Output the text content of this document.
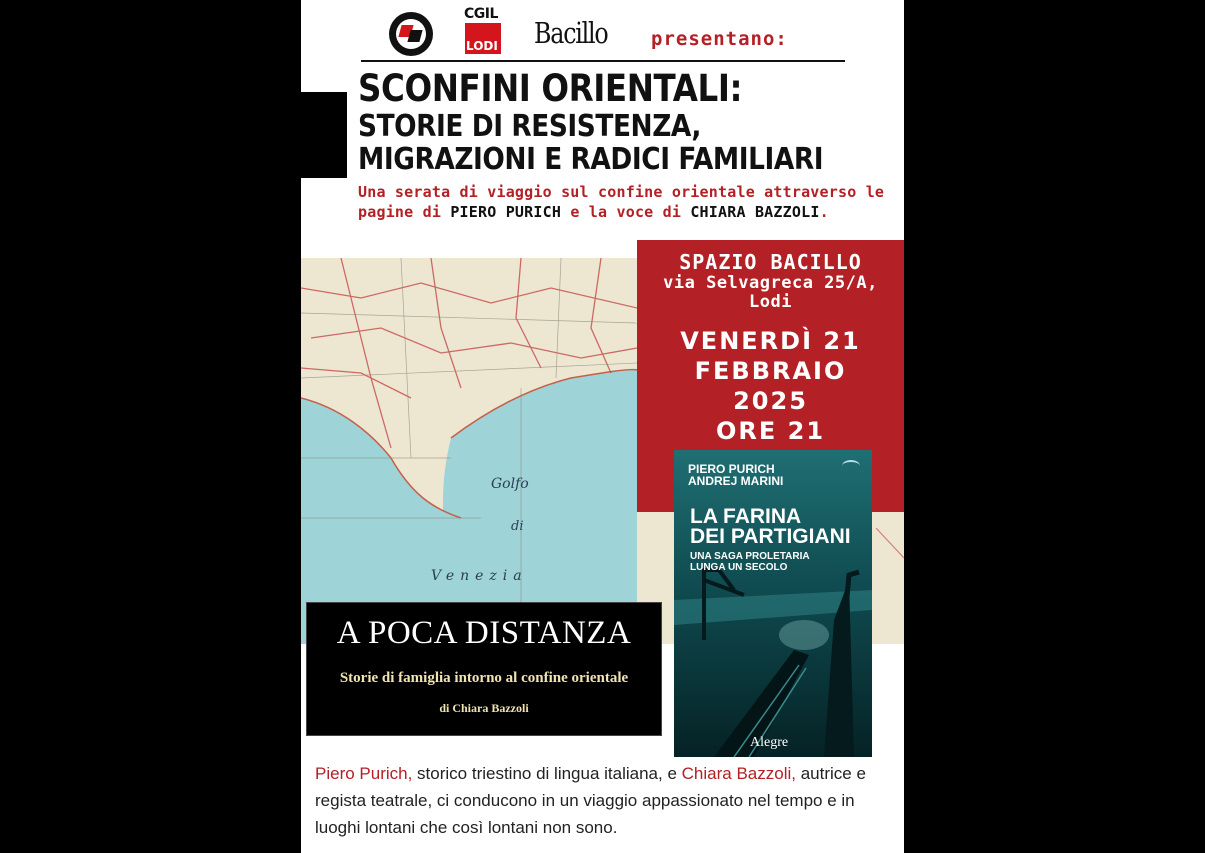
CGIL
LODI Bacillo presentano:
SCONFINI ORIENTALI:
STORIE DI RESISTENZA,
MIGRAZIONI E RADICI FAMILIARI
Una serata di viaggio sul confine orientale attraverso le pagine di PIERO PURICH e la voce di CHIARA BAZZOLI.
Golfo
di
Venezia
SPAZIO BACILLO
via Selvagreca 25/A,
Lodi
VENERDÌ 21
FEBBRAIO
2025
ORE 21
A POCA DISTANZA
Storie di famiglia intorno al confine orientale
di Chiara Bazzoli
PIERO PURICH
ANDREJ MARINI
LA FARINA
DEI PARTIGIANI
UNA SAGA PROLETARIA
LUNGA UN SECOLO
Alegre
Piero Purich, storico triestino di lingua italiana, e Chiara Bazzoli, autrice e regista teatrale, ci conducono in un viaggio appassionato nel tempo e in luoghi lontani che così lontani non sono.
